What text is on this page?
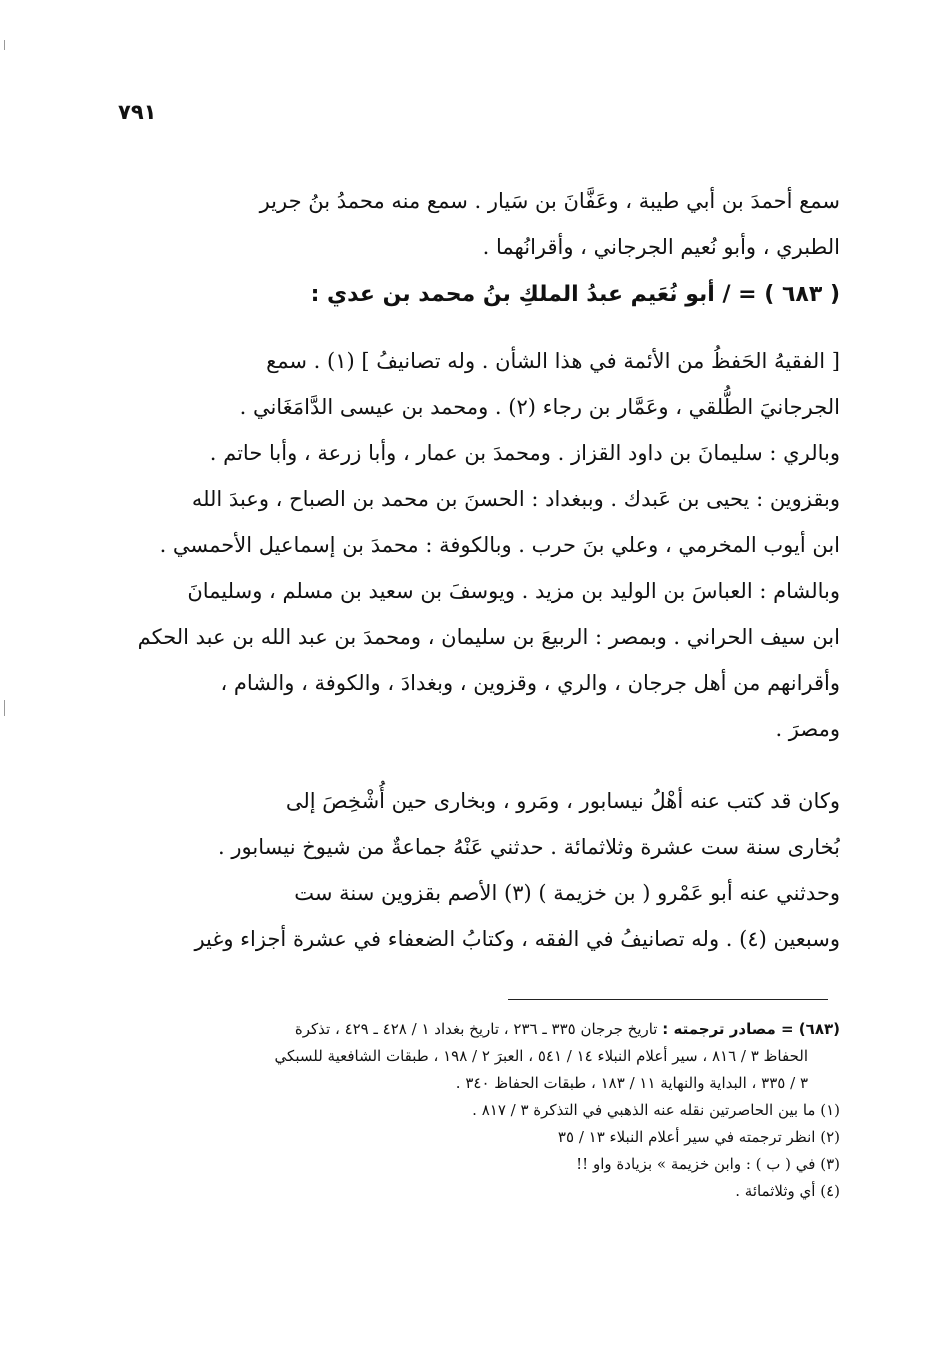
٧٩١
سمع أحمدَ بن أبي طيبة ، وعَفَّانَ بن سَيار . سمع منه محمدُ بنُ جرير
الطبري ، وأبو نُعيم الجرجاني ، وأقرانُهما .
( ٦٨٣ ) = / أبو نُعَيم عبدُ الملكِ بنُ محمد بن عدي :
[ الفقيهُ الحَفظُ من الأئمة في هذا الشأن . وله تصانيفُ ] (١) . سمع
الجرجانيَ الطُّلقي ، وعَمَّار بن رجاء (٢) . ومحمد بن عيسى الدَّامَغَاني .
وبالري : سليمانَ بن داود القزاز . ومحمدَ بن عمار ، وأبا زرعة ، وأبا حاتم .
وبقزوين : يحيى بن عَبدك . وببغداد : الحسنَ بن محمد بن الصباح ، وعبدَ الله
ابن أيوب المخرمي ، وعلي بنَ حرب . وبالكوفة : محمدَ بن إسماعيل الأحمسي .
وبالشام : العباسَ بن الوليد بن مزيد . ويوسفَ بن سعيد بن مسلم ، وسليمانَ
ابن سيف الحراني . وبمصر : الربيعَ بن سليمان ، ومحمدَ بن عبد الله بن عبد الحكم
وأقرانهم من أهل جرجان ، والري ، وقزوين ، وبغدادَ ، والكوفة ، والشام ،
ومصرَ .
وكان قد كتب عنه أهْلُ نيسابور ، ومَرو ، وبخارى حين أُشْخِصَ إلى
بُخارى سنة ست عشرة وثلاثمائة . حدثني عَنْهُ جماعةٌ من شيوخ نيسابور .
وحدثني عنه أبو عَمْرو ( بن خزيمة ) (٣) الأصم بقزوين سنة ست
وسبعين (٤) . وله تصانيفُ في الفقه ، وكتابُ الضعفاء في عشرة أجزاء وغير
(٦٨٣) = مصادر ترجمته : تاريخ جرجان ٣٣٥ ـ ٢٣٦ ، تاريخ بغداد ١ / ٤٢٨ ـ ٤٢٩ ، تذكرة
الحفاظ ٣ / ٨١٦ ، سير أعلام النبلاء ١٤ / ٥٤١ ، العبرَ ٢ / ١٩٨ ، طبقات الشافعية للسبكي
٣ / ٣٣٥ ، البداية والنهاية ١١ / ١٨٣ ، طبقات الحفاظ ٣٤٠ .
(١) ما بين الحاصرتين نقله عنه الذهبي في التذكرة ٣ / ٨١٧ .
(٢) انظر ترجمته في سير أعلام النبلاء ١٣ / ٣٥
(٣) في ( ب ) : وابن خزيمة » بزيادة واو !!
(٤) أي وثلاثمائة .
